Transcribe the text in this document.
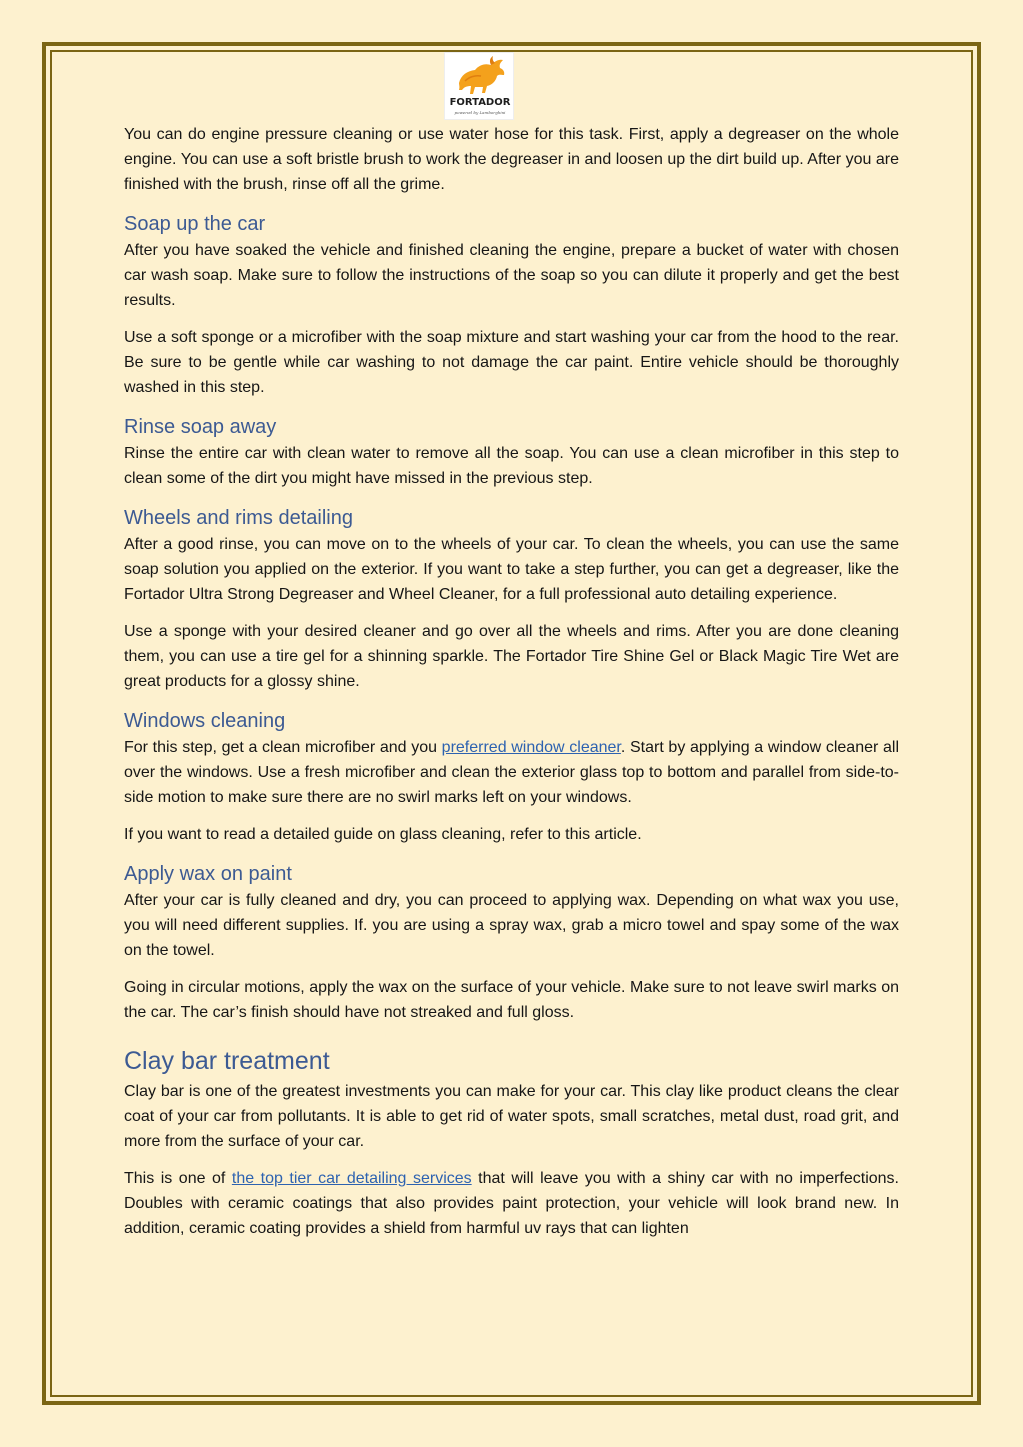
FORTADOR
powered by Lamborghini

You can do engine pressure cleaning or use water hose for this task. First, apply a degreaser on the whole engine. You can use a soft bristle brush to work the degreaser in and loosen up the dirt build up. After you are finished with the brush, rinse off all the grime.

Soap up the car

After you have soaked the vehicle and finished cleaning the engine, prepare a bucket of water with chosen car wash soap. Make sure to follow the instructions of the soap so you can dilute it properly and get the best results.

Use a soft sponge or a microfiber with the soap mixture and start washing your car from the hood to the rear. Be sure to be gentle while car washing to not damage the car paint. Entire vehicle should be thoroughly washed in this step.

Rinse soap away

Rinse the entire car with clean water to remove all the soap. You can use a clean microfiber in this step to clean some of the dirt you might have missed in the previous step.

Wheels and rims detailing

After a good rinse, you can move on to the wheels of your car. To clean the wheels, you can use the same soap solution you applied on the exterior. If you want to take a step further, you can get a degreaser, like the Fortador Ultra Strong Degreaser and Wheel Cleaner, for a full professional auto detailing experience.

Use a sponge with your desired cleaner and go over all the wheels and rims. After you are done cleaning them, you can use a tire gel for a shinning sparkle. The Fortador Tire Shine Gel or Black Magic Tire Wet are great products for a glossy shine.

Windows cleaning

For this step, get a clean microfiber and you preferred window cleaner. Start by applying a window cleaner all over the windows. Use a fresh microfiber and clean the exterior glass top to bottom and parallel from side-to-side motion to make sure there are no swirl marks left on your windows.

If you want to read a detailed guide on glass cleaning, refer to this article.

Apply wax on paint

After your car is fully cleaned and dry, you can proceed to applying wax. Depending on what wax you use, you will need different supplies. If. you are using a spray wax, grab a micro towel and spay some of the wax on the towel.

Going in circular motions, apply the wax on the surface of your vehicle. Make sure to not leave swirl marks on the car. The car’s finish should have not streaked and full gloss.

Clay bar treatment

Clay bar is one of the greatest investments you can make for your car. This clay like product cleans the clear coat of your car from pollutants. It is able to get rid of water spots, small scratches, metal dust, road grit, and more from the surface of your car.

This is one of the top tier car detailing services that will leave you with a shiny car with no imperfections. Doubles with ceramic coatings that also provides paint protection, your vehicle will look brand new. In addition, ceramic coating provides a shield from harmful uv rays that can lighten
